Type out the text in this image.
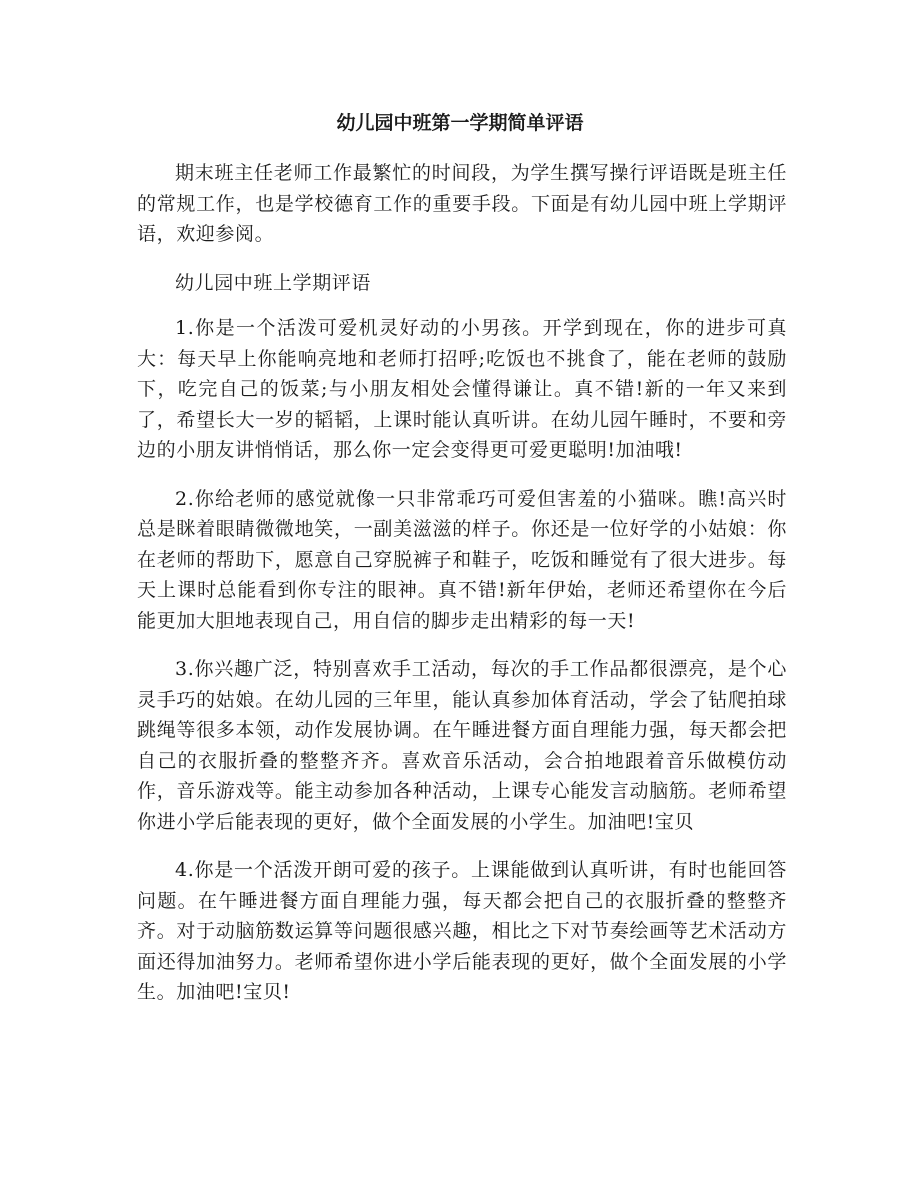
幼儿园中班第一学期简单评语

期末班主任老师工作最繁忙的时间段，为学生撰写操行评语既是班主任的常规工作，也是学校德育工作的重要手段。下面是有幼儿园中班上学期评语，欢迎参阅。

幼儿园中班上学期评语

1.你是一个活泼可爱机灵好动的小男孩。开学到现在，你的进步可真大：每天早上你能响亮地和老师打招呼;吃饭也不挑食了，能在老师的鼓励下，吃完自己的饭菜;与小朋友相处会懂得谦让。真不错!新的一年又来到了，希望长大一岁的韬韬，上课时能认真听讲。在幼儿园午睡时，不要和旁边的小朋友讲悄悄话，那么你一定会变得更可爱更聪明!加油哦!

2.你给老师的感觉就像一只非常乖巧可爱但害羞的小猫咪。瞧!高兴时总是眯着眼睛微微地笑，一副美滋滋的样子。你还是一位好学的小姑娘：你在老师的帮助下，愿意自己穿脱裤子和鞋子，吃饭和睡觉有了很大进步。每天上课时总能看到你专注的眼神。真不错!新年伊始，老师还希望你在今后能更加大胆地表现自己，用自信的脚步走出精彩的每一天!

3.你兴趣广泛，特别喜欢手工活动，每次的手工作品都很漂亮，是个心灵手巧的姑娘。在幼儿园的三年里，能认真参加体育活动，学会了钻爬拍球跳绳等很多本领，动作发展协调。在午睡进餐方面自理能力强，每天都会把自己的衣服折叠的整整齐齐。喜欢音乐活动，会合拍地跟着音乐做模仿动作，音乐游戏等。能主动参加各种活动，上课专心能发言动脑筋。老师希望你进小学后能表现的更好，做个全面发展的小学生。加油吧!宝贝

4.你是一个活泼开朗可爱的孩子。上课能做到认真听讲，有时也能回答问题。在午睡进餐方面自理能力强，每天都会把自己的衣服折叠的整整齐齐。对于动脑筋数运算等问题很感兴趣，相比之下对节奏绘画等艺术活动方面还得加油努力。老师希望你进小学后能表现的更好，做个全面发展的小学生。加油吧!宝贝!
